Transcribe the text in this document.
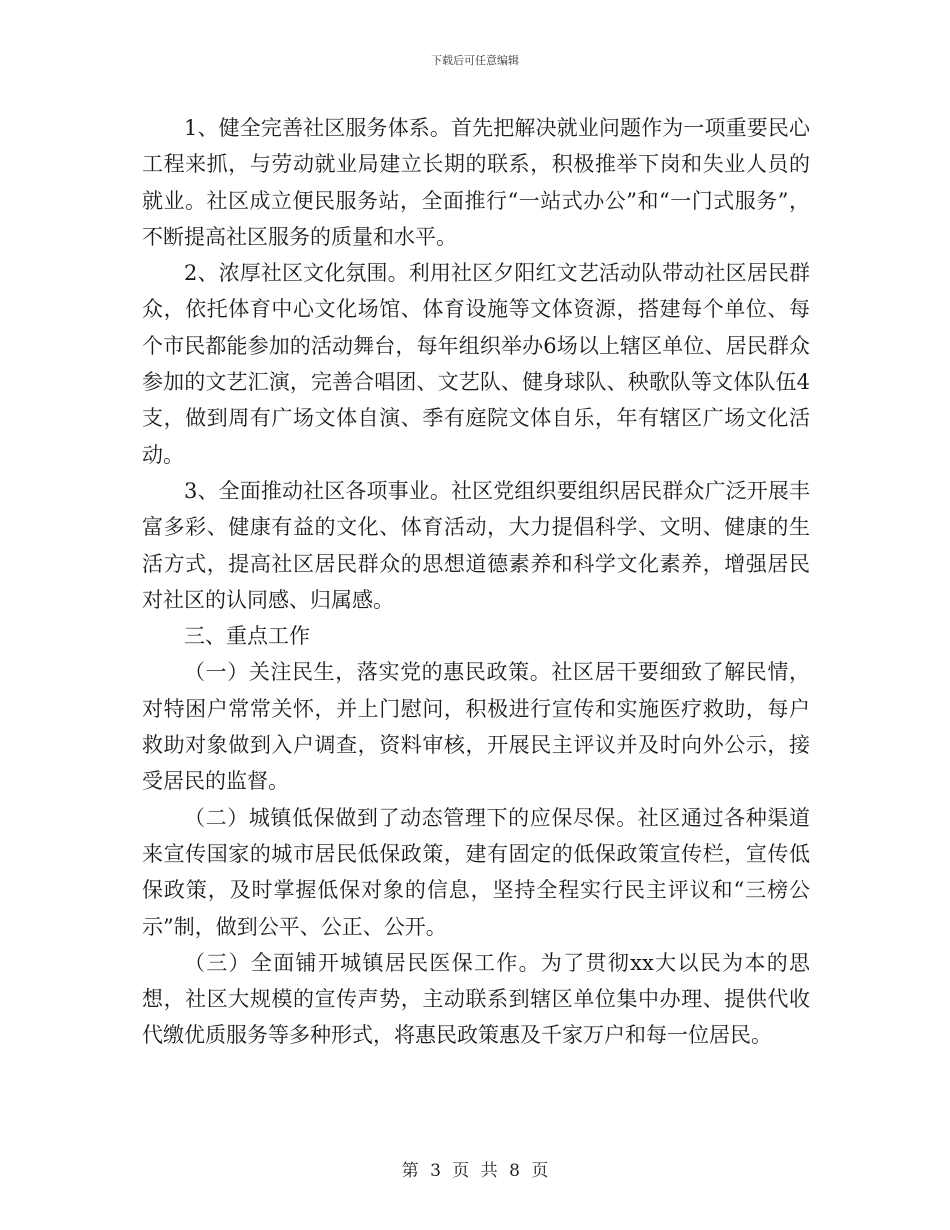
下载后可任意编辑

1、健全完善社区服务体系。首先把解决就业问题作为一项重要民心工程来抓，与劳动就业局建立长期的联系，积极推举下岗和失业人员的就业。社区成立便民服务站，全面推行“一站式办公”和“一门式服务”，不断提高社区服务的质量和水平。

2、浓厚社区文化氛围。利用社区夕阳红文艺活动队带动社区居民群众，依托体育中心文化场馆、体育设施等文体资源，搭建每个单位、每个市民都能参加的活动舞台，每年组织举办6场以上辖区单位、居民群众参加的文艺汇演，完善合唱团、文艺队、健身球队、秧歌队等文体队伍4支，做到周有广场文体自演、季有庭院文体自乐，年有辖区广场文化活动。

3、全面推动社区各项事业。社区党组织要组织居民群众广泛开展丰富多彩、健康有益的文化、体育活动，大力提倡科学、文明、健康的生活方式，提高社区居民群众的思想道德素养和科学文化素养，增强居民对社区的认同感、归属感。

三、重点工作

（一）关注民生，落实党的惠民政策。社区居干要细致了解民情，对特困户常常关怀，并上门慰问，积极进行宣传和实施医疗救助，每户救助对象做到入户调查，资料审核，开展民主评议并及时向外公示，接受居民的监督。

（二）城镇低保做到了动态管理下的应保尽保。社区通过各种渠道来宣传国家的城市居民低保政策，建有固定的低保政策宣传栏，宣传低保政策，及时掌握低保对象的信息，坚持全程实行民主评议和“三榜公示”制，做到公平、公正、公开。

（三）全面铺开城镇居民医保工作。为了贯彻xx大以民为本的思想，社区大规模的宣传声势，主动联系到辖区单位集中办理、提供代收代缴优质服务等多种形式，将惠民政策惠及千家万户和每一位居民。

第 3 页 共 8 页
